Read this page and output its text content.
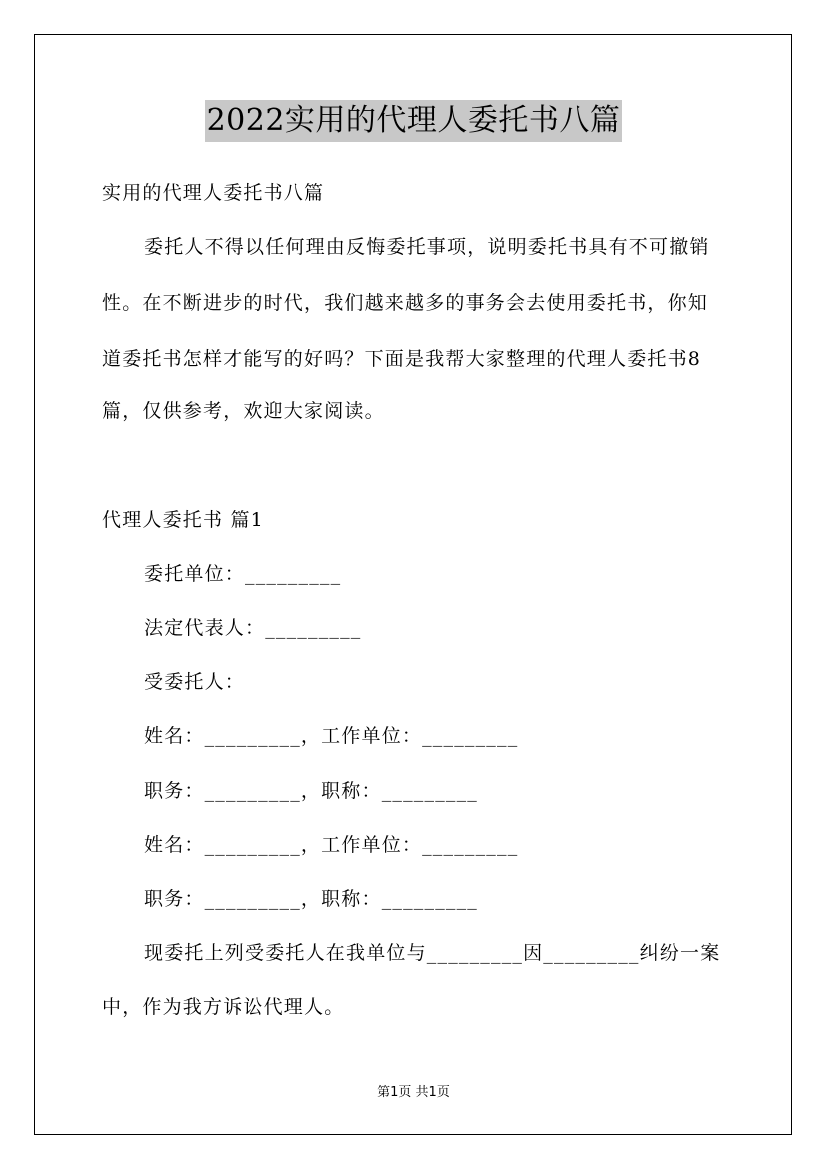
2022实用的代理人委托书八篇
实用的代理人委托书八篇
委托人不得以任何理由反悔委托事项，说明委托书具有不可撤销
性。在不断进步的时代，我们越来越多的事务会去使用委托书，你知
道委托书怎样才能写的好吗？下面是我帮大家整理的代理人委托书8
篇，仅供参考，欢迎大家阅读。
代理人委托书 篇1
委托单位：_________
法定代表人：_________
受委托人：
姓名：_________，工作单位：_________
职务：_________，职称：_________
姓名：_________，工作单位：_________
职务：_________，职称：_________
现委托上列受委托人在我单位与_________因_________纠纷一案
中，作为我方诉讼代理人。
第1页 共1页
